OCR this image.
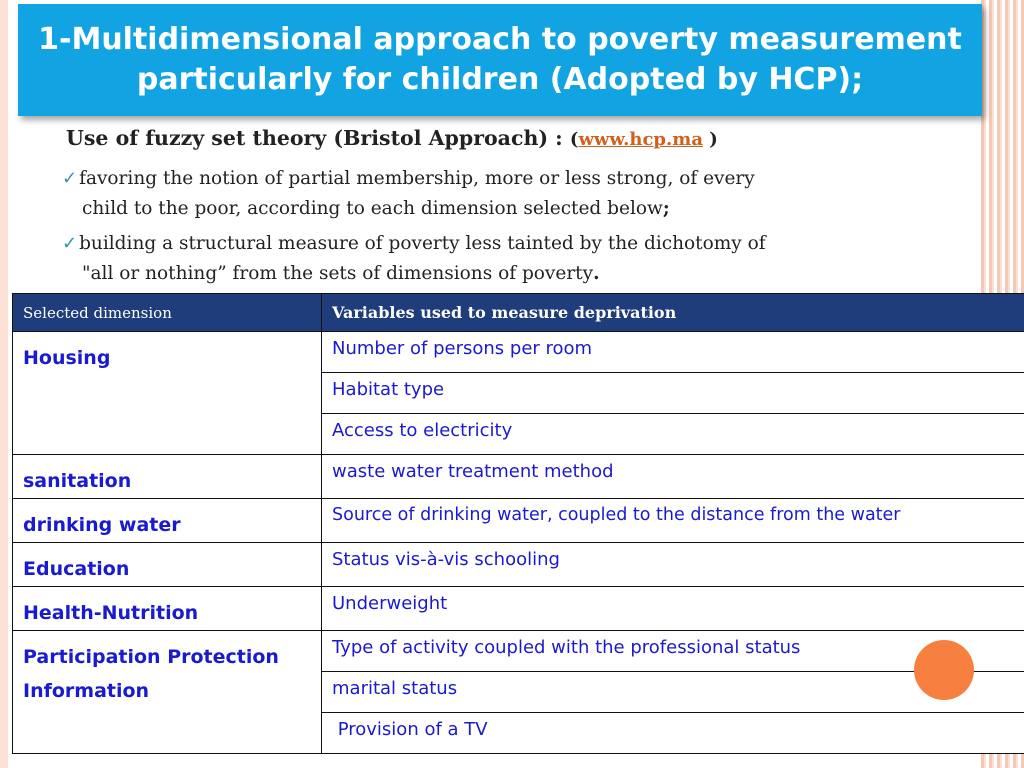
1-Multidimensional approach to poverty measurement
particularly for children (Adopted by HCP);
Use of fuzzy set theory (Bristol Approach) : (www.hcp.ma )
✓ favoring the notion of partial membership, more or less strong, of every
child to the poor, according to each dimension selected below;
✓ building a structural measure of poverty less tainted by the dichotomy of
"all or nothing” from the sets of dimensions of poverty.
Selected dimension	Variables used to measure deprivation
Housing	Number of persons per room
	Habitat type
	Access to electricity
sanitation	waste water treatment method
drinking water	Source of drinking water, coupled to the distance from the water
Education	Status vis-à-vis schooling
Health-Nutrition	Underweight
Participation Protection Information	Type of activity coupled with the professional status
	marital status
	Provision of a TV
